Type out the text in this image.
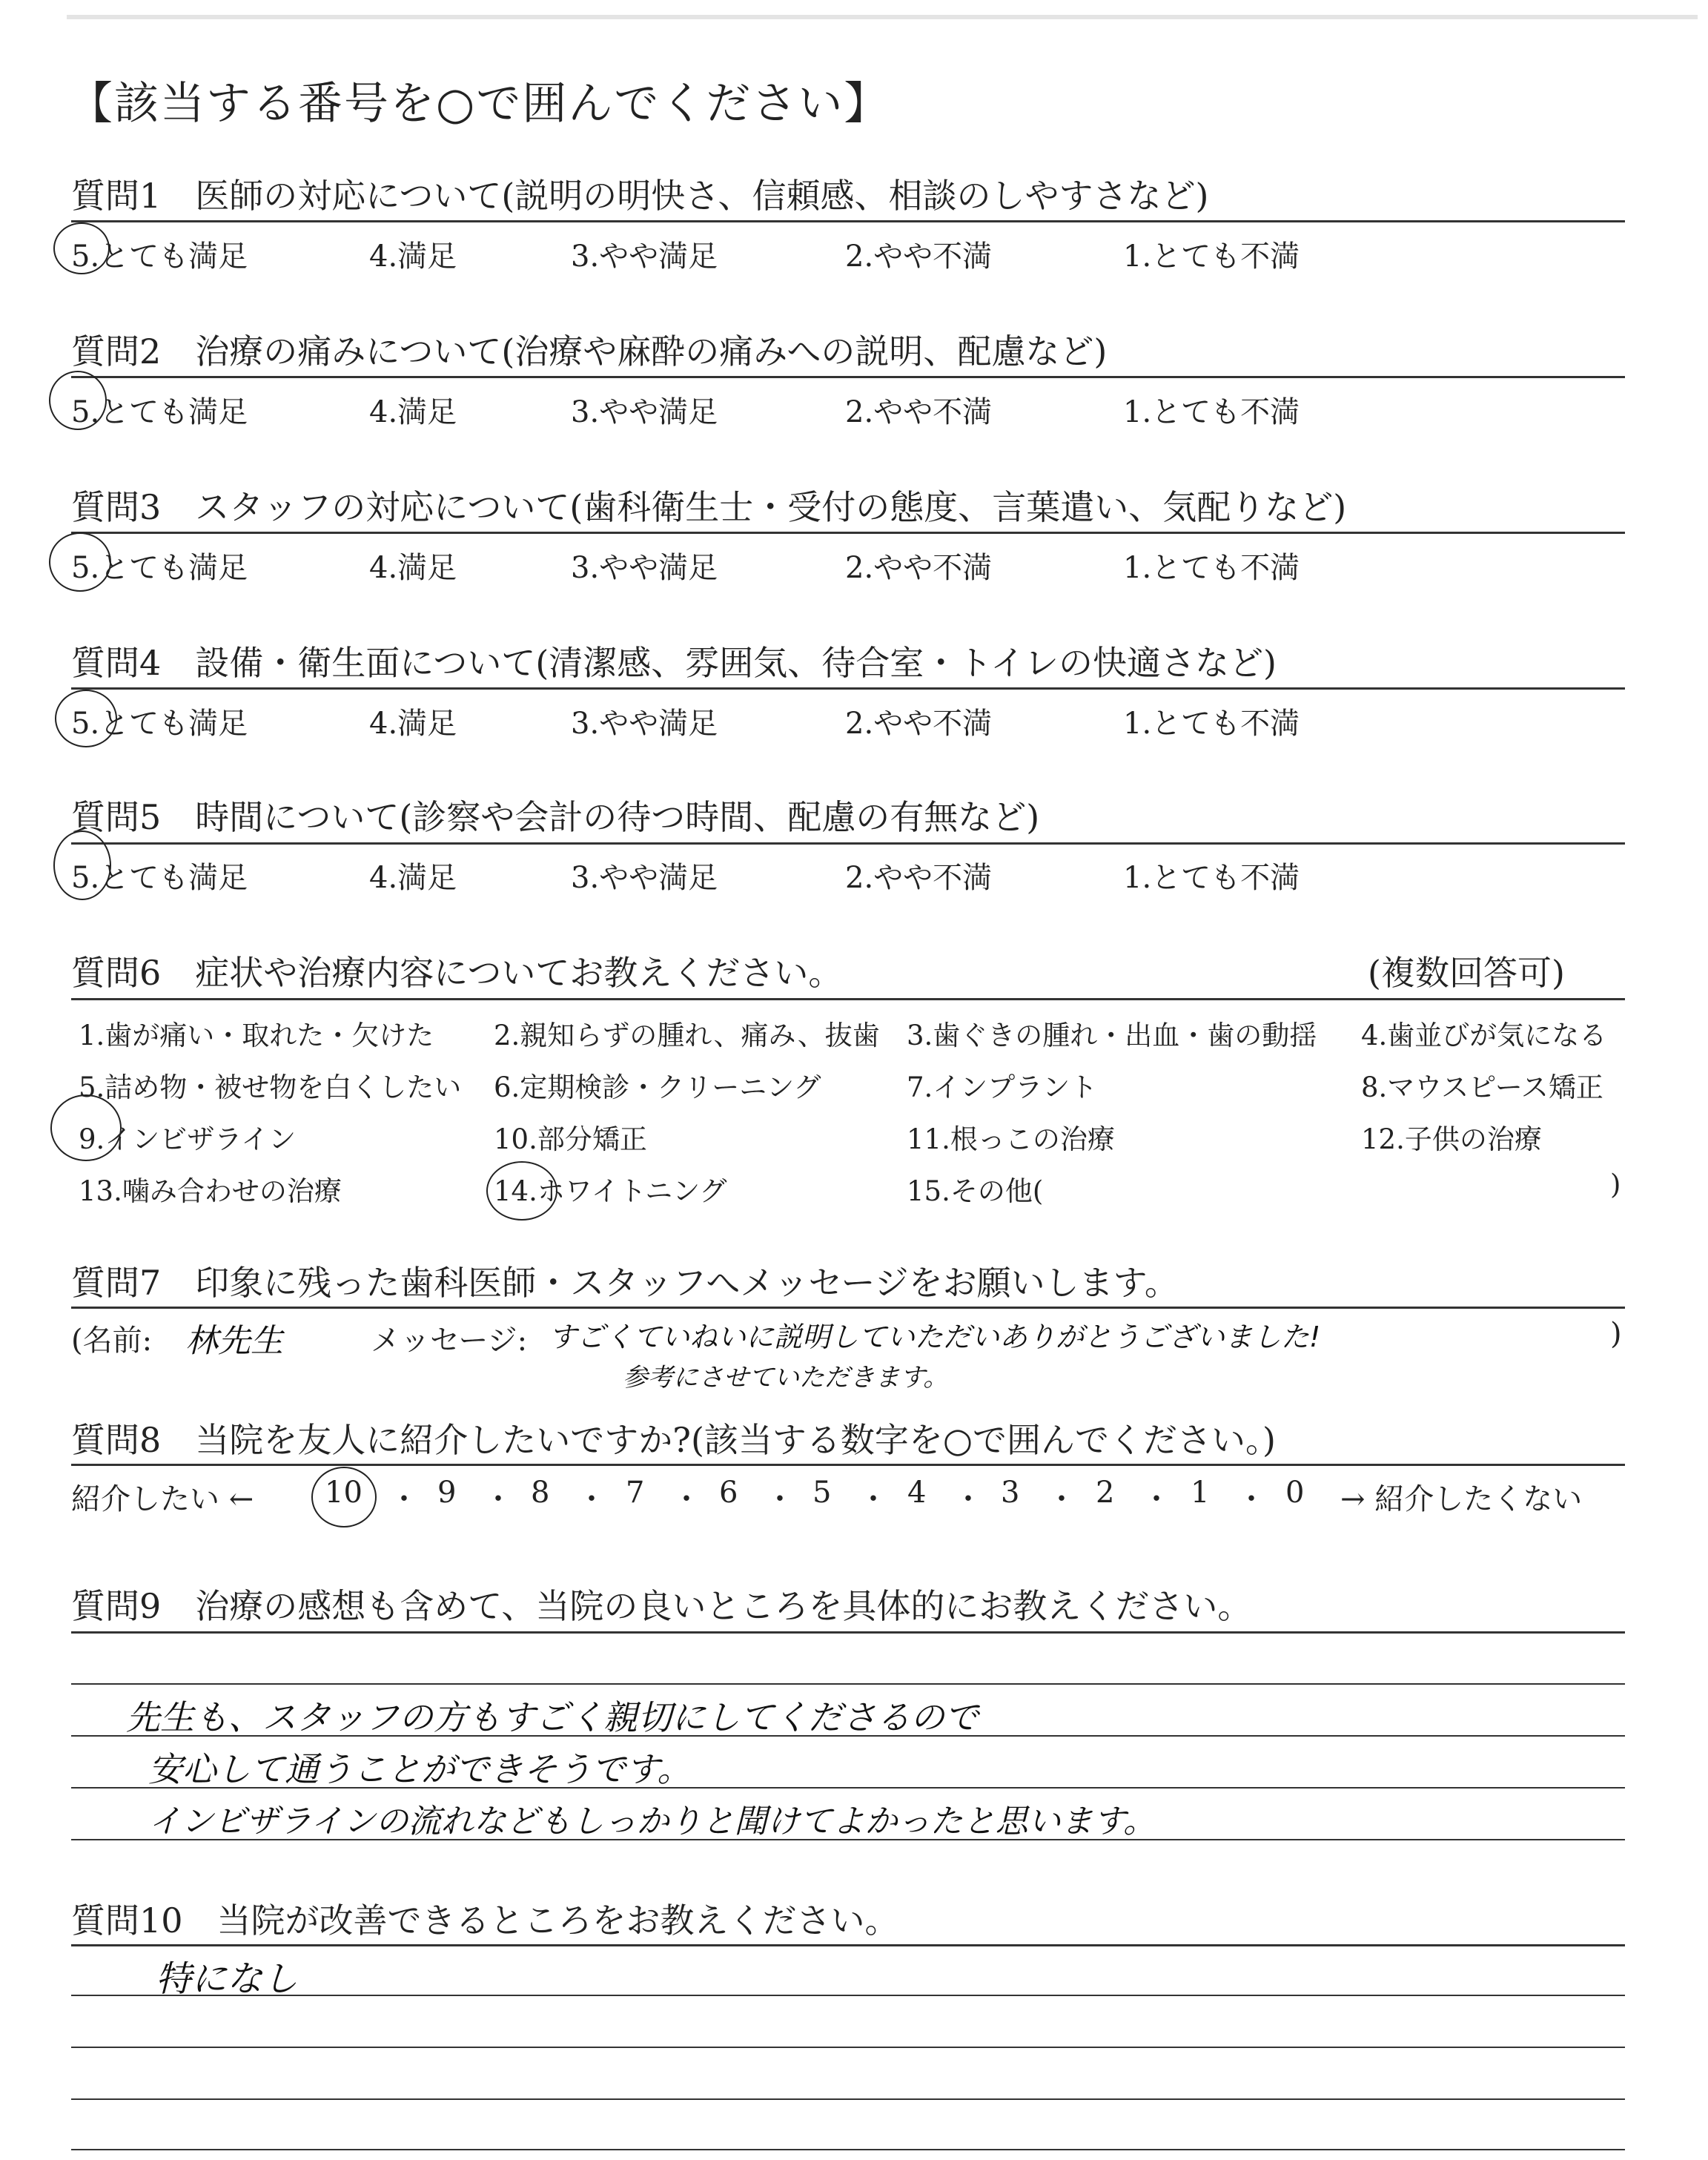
【該当する番号を○で囲んでください】
質問1　 医師の対応について(説明の明快さ、信頼感、相談のしやすさなど)
5.とても満足	4.満足	3.やや満足	2.やや不満	1.とても不満
質問2　 治療の痛みについて(治療や麻酔の痛みへの説明、配慮など)
5.とても満足	4.満足	3.やや満足	2.やや不満	1.とても不満
質問3　 スタッフの対応について(歯科衛生士・受付の態度、言葉遣い、気配りなど)
5.とても満足	4.満足	3.やや満足	2.やや不満	1.とても不満
質問4　 設備・衛生面について(清潔感、雰囲気、待合室・トイレの快適さなど)
5.とても満足	4.満足	3.やや満足	2.やや不満	1.とても不満
質問5　 時間について(診察や会計の待つ時間、配慮の有無など)
5.とても満足	4.満足	3.やや満足	2.やや不満	1.とても不満
質問6　 症状や治療内容についてお教えください。	(複数回答可)
1.歯が痛い・取れた・欠けた 2.親知らずの腫れ、痛み、抜歯 3.歯ぐきの腫れ・出血・歯の動揺 4.歯並びが気になる
5.詰め物・被せ物を白くしたい 6.定期検診・クリーニング	7.インプラント	8.マウスピース矯正
9.インビザライン	10.部分矯正	11.根っこの治療	12.子供の治療
13.噛み合わせの治療	14.ホワイトニング	15.その他(	)
質問7　 印象に残った歯科医師・スタッフへメッセージをお願いします。
(名前: 林先生	メッセージ: すごくていねいに説明していただいありがとうございました!
参考にさせていただきます。
)
質問8　 当院を友人に紹介したいですか?(該当する数字を○で囲んでください。)
紹介したい ←	→ 紹介したくない
10 ・ 9 ・ 8 ・ 7 ・ 6 ・ 5 ・ 4 ・ 3 ・ 2 ・ 1 ・ 0
質問9　 治療の感想も含めて、当院の良いところを具体的にお教えください。
先生も、スタッフの方もすごく親切にしてくださるので
安心して通うことができそうです。
インビザラインの流れなどもしっかりと聞けてよかったと思います。
質問10　 当院が改善できるところをお教えください。
特になし
